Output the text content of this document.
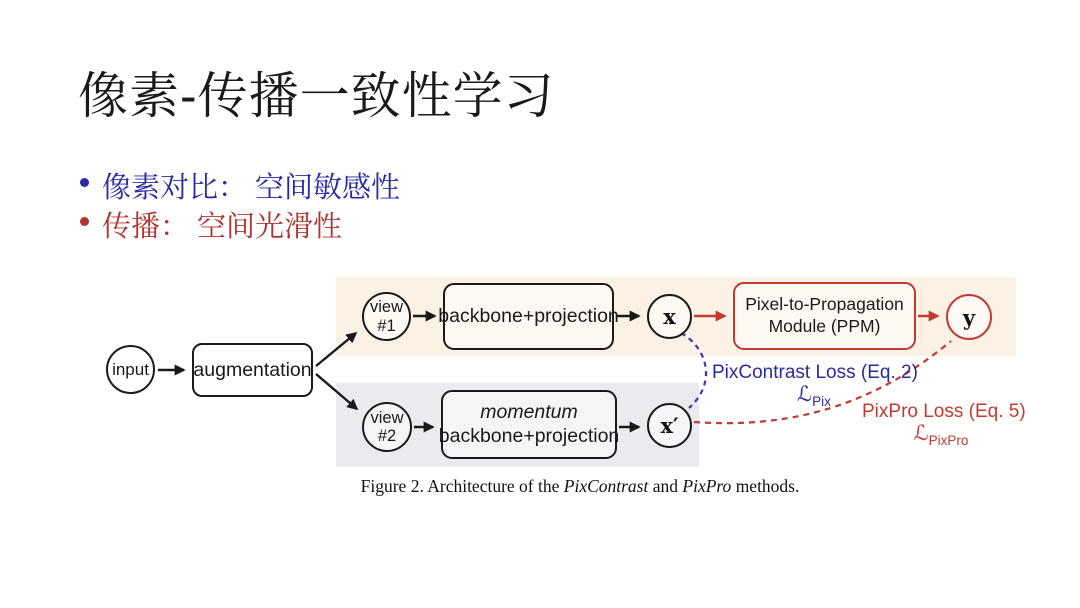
像素-传播一致性学习
像素对比： 空间敏感性
传播： 空间光滑性
input augmentation
view
#1 backbone+projection x	Pixel-to-Propagation
Module (PPM)	y
view
#2
momentum
backbone+projection x′
PixContrast Loss (Eq. 2)
ℒ$_{Pix}$	PixPro Loss (Eq. 5)
ℒ$_{PixPro}$
Figure 2. Architecture of the PixContrast and PixPro methods.
